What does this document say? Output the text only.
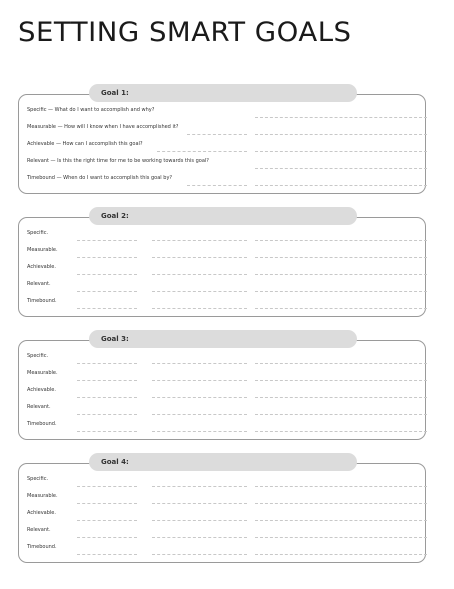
SETTING SMART GOALS
Goal 1:
Specific — What do I want to accomplish and why?
Measurable — How will I know when I have accomplished it?
Achievable — How can I accomplish this goal?
Relevant — Is this the right time for me to be working towards this goal?
Timebound — When do I want to accomplish this goal by?
Goal 2:
Specific.
Measurable.
Achievable.
Relevant.
Timebound.
Goal 3:
Specific.
Measurable.
Achievable.
Relevant.
Timebound.
Goal 4:
Specific.
Measurable.
Achievable.
Relevant.
Timebound.
